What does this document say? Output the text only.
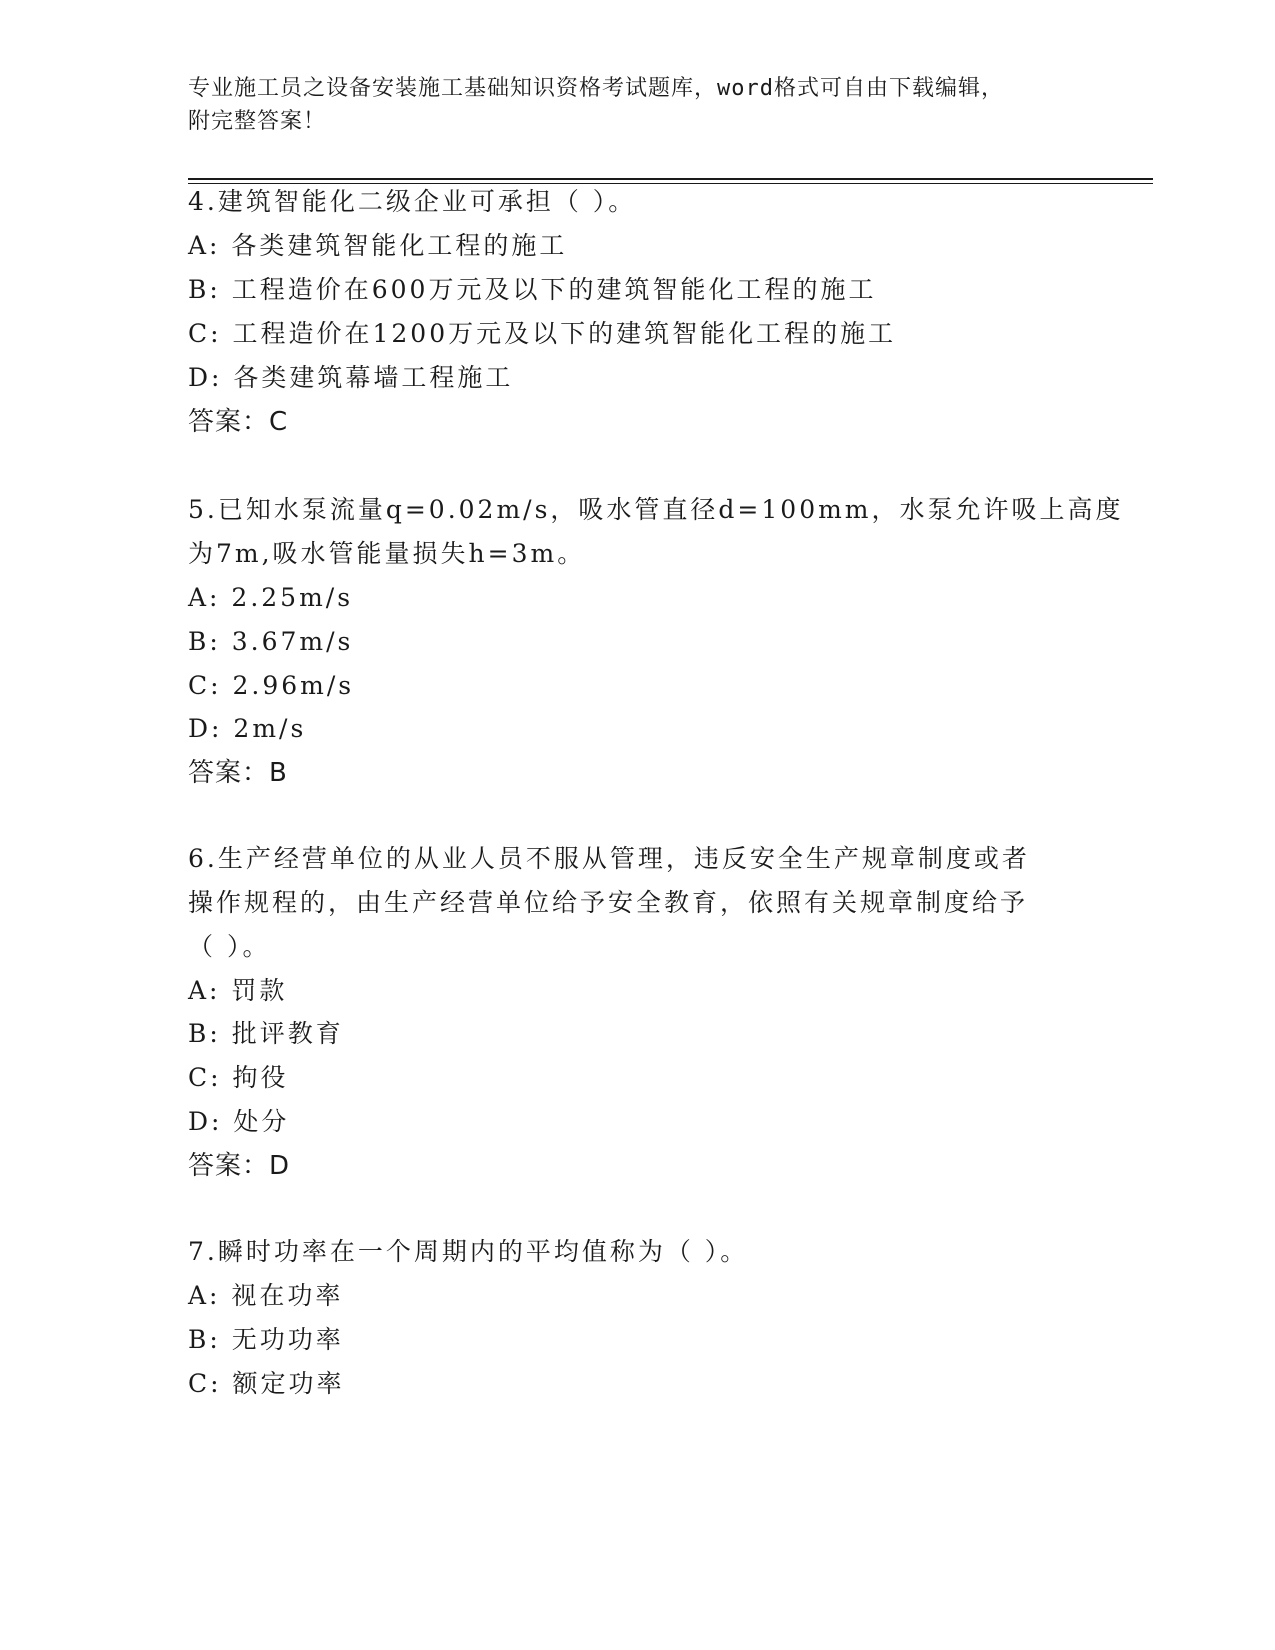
专业施工员之设备安装施工基础知识资格考试题库，word格式可自由下载编辑，
附完整答案！
4.建筑智能化二级企业可承担（ ）。
A: 各类建筑智能化工程的施工
B: 工程造价在600万元及以下的建筑智能化工程的施工
C: 工程造价在1200万元及以下的建筑智能化工程的施工
D: 各类建筑幕墙工程施工
答案：C
5.已知水泵流量q=0.02m/s，吸水管直径d=100mm，水泵允许吸上高度
为7m,吸水管能量损失h=3m。
A: 2.25m/s
B: 3.67m/s
C: 2.96m/s
D: 2m/s
答案：B
6.生产经营单位的从业人员不服从管理，违反安全生产规章制度或者
操作规程的，由生产经营单位给予安全教育，依照有关规章制度给予
（ ）。
A: 罚款
B: 批评教育
C: 拘役
D: 处分
答案：D
7.瞬时功率在一个周期内的平均值称为（ ）。
A: 视在功率
B: 无功功率
C: 额定功率
